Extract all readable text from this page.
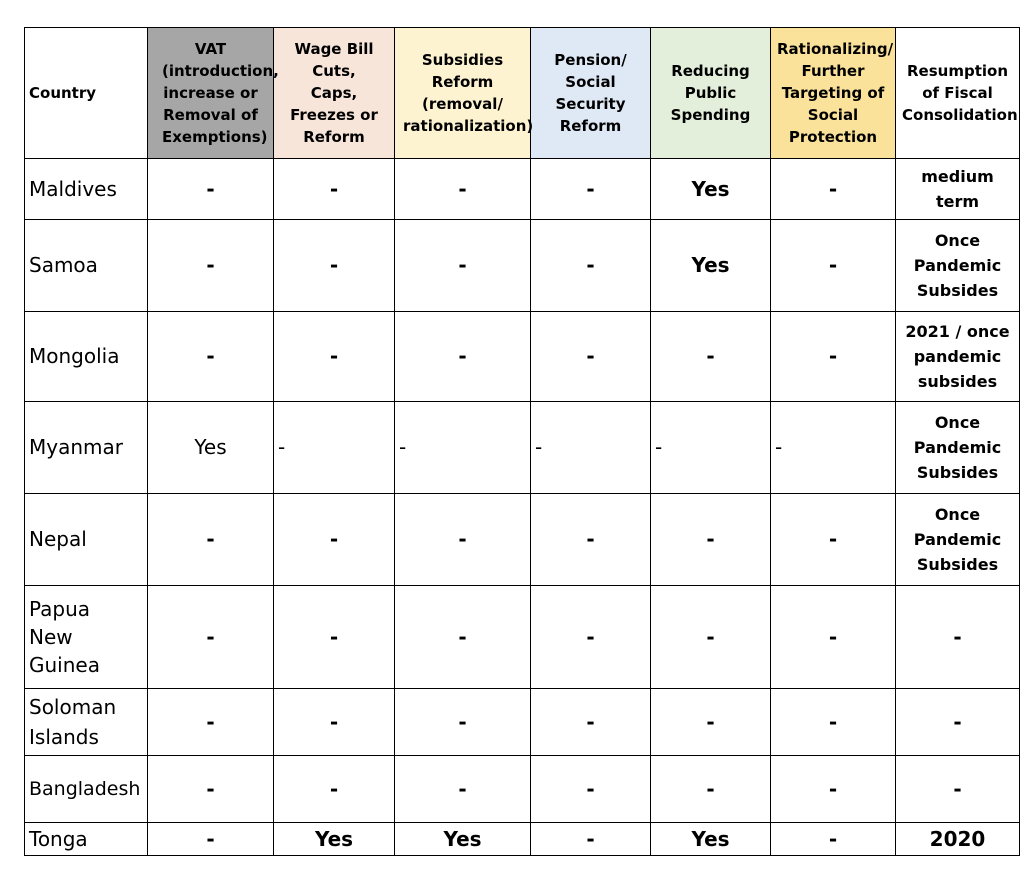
Country	VAT (introduction, increase or Removal of Exemptions)	Wage Bill Cuts, Caps, Freezes or Reform	Subsidies Reform (removal/ rationalization)	Pension/ Social Security Reform	Reducing Public Spending	Rationalizing/ Further Targeting of Social Protection	Resumption of Fiscal Consolidation
Maldives	-	-	-	-	Yes	-	medium term
Samoa	-	-	-	-	Yes	-	Once Pandemic Subsides
Mongolia	-	-	-	-	-	-	2021 / once pandemic subsides
Myanmar	Yes	-	-	-	-	-	Once Pandemic Subsides
Nepal	-	-	-	-	-	-	Once Pandemic Subsides
Papua New Guinea	-	-	-	-	-	-	-
Soloman Islands	-	-	-	-	-	-	-
Bangladesh	-	-	-	-	-	-	-
Tonga	-	Yes	Yes	-	Yes	-	2020
